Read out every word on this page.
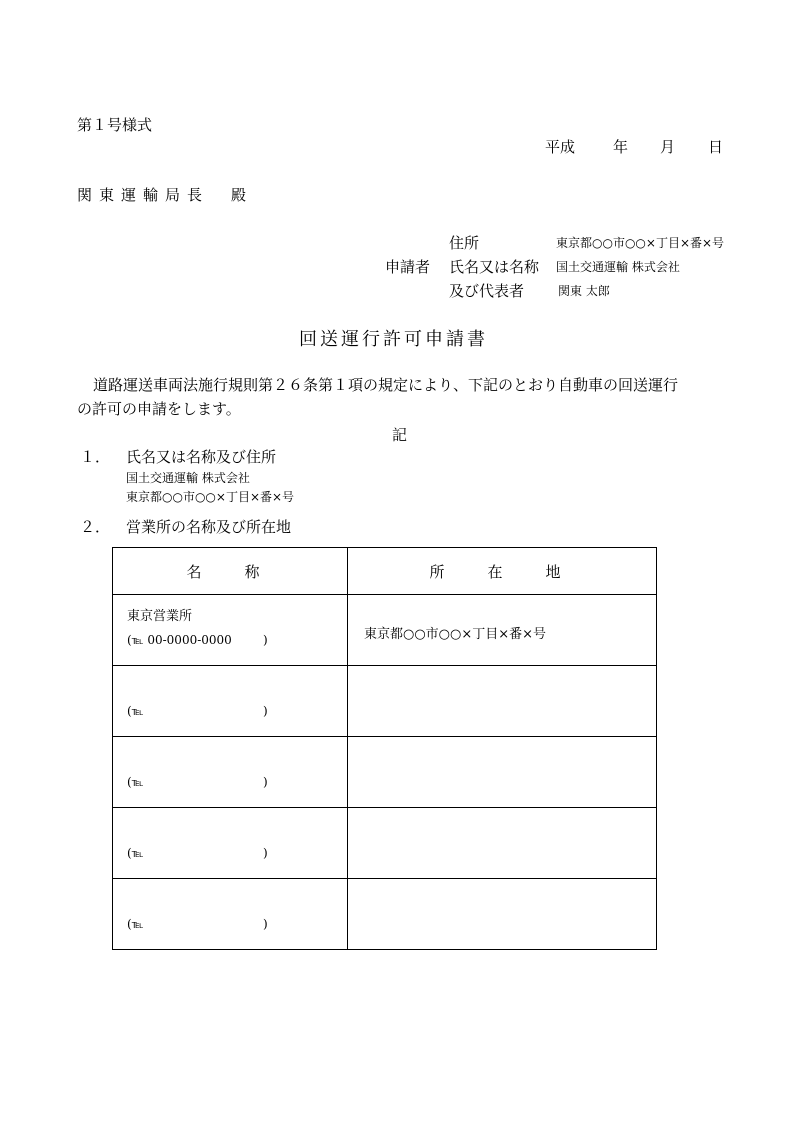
第１号様式
平成	年 月 日
関東運輸局長　殿
住所	東京都○○市○○×丁目×番×号
申請者 氏名又は名称 国土交通運輸 株式会社
及び代表者	関東 太郎
回送運行許可申請書
道路運送車両法施行規則第２６条第１項の規定により、下記のとおり自動車の回送運行
の許可の申請をします。
記
１． 氏名又は名称及び住所
国土交通運輸 株式会社
東京都○○市○○×丁目×番×号
２． 営業所の名称及び所在地
名　称	所　在　地

東京営業所
(℡ 00-0000-0000 )	東京都○○市○○×丁目×番×号

(℡ )	

(℡ )	

(℡ )	

(℡ )	
